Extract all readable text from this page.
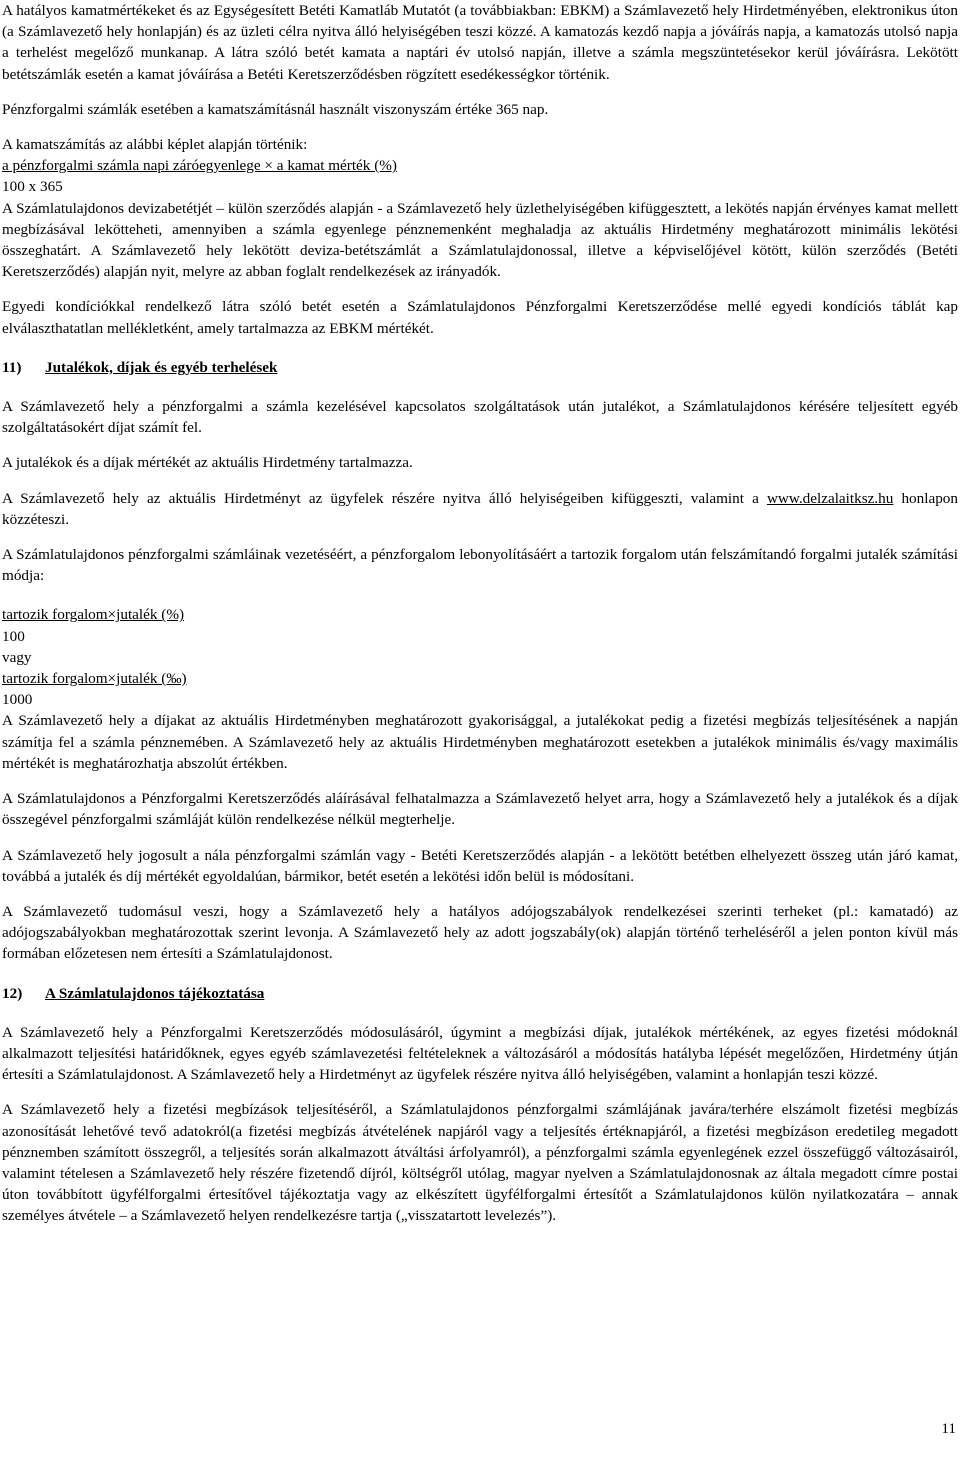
A hatályos kamatmértékeket és az Egységesített Betéti Kamatláb Mutatót (a továbbiakban: EBKM) a Számlavezető hely Hirdetményében, elektronikus úton (a Számlavezető hely honlapján) és az üzleti célra nyitva álló helyiségében teszi közzé. A kamatozás kezdő napja a jóváírás napja, a kamatozás utolsó napja a terhelést megelőző munkanap. A látra szóló betét kamata a naptári év utolsó napján, illetve a számla megszüntetésekor kerül jóváírásra. Lekötött betétszámlák esetén a kamat jóváírása a Betéti Keretszerződésben rögzített esedékességkor történik.

Pénzforgalmi számlák esetében a kamatszámításnál használt viszonyszám értéke 365 nap.

A kamatszámítás az alábbi képlet alapján történik:

a pénzforgalmi számla napi záróegyenlege × a kamat mérték (%)

100 x 365

A Számlatulajdonos devizabetétjét – külön szerződés alapján - a Számlavezető hely üzlethelyiségében kifüggesztett, a lekötés napján érvényes kamat mellett megbízásával lekötteheti, amennyiben a számla egyenlege pénznemenként meghaladja az aktuális Hirdetmény meghatározott minimális lekötési összeghatárt. A Számlavezető hely lekötött deviza-betétszámlát a Számlatulajdonossal, illetve a képviselőjével kötött, külön szerződés (Betéti Keretszerződés) alapján nyit, melyre az abban foglalt rendelkezések az irányadók.

Egyedi kondíciókkal rendelkező látra szóló betét esetén a Számlatulajdonos Pénzforgalmi Keretszerződése mellé egyedi kondíciós táblát kap elválaszthatatlan mellékletként, amely tartalmazza az EBKM mértékét.

11)	Jutalékok, díjak és egyéb terhelések

A Számlavezető hely a pénzforgalmi a számla kezelésével kapcsolatos szolgáltatások után jutalékot, a Számlatulajdonos kérésére teljesített egyéb szolgáltatásokért díjat számít fel.

A jutalékok és a díjak mértékét az aktuális Hirdetmény tartalmazza.

A Számlavezető hely az aktuális Hirdetményt az ügyfelek részére nyitva álló helyiségeiben kifüggeszti, valamint a www.delzalaitksz.hu honlapon közzéteszi.

A Számlatulajdonos pénzforgalmi számláinak vezetéséért, a pénzforgalom lebonyolításáért a tartozik forgalom után felszámítandó forgalmi jutalék számítási módja:

tartozik forgalom×jutalék (%)

100

vagy

tartozik forgalom×jutalék (‰)

1000

A Számlavezető hely a díjakat az aktuális Hirdetményben meghatározott gyakorisággal, a jutalékokat pedig a fizetési megbízás teljesítésének a napján számítja fel a számla pénznemében. A Számlavezető hely az aktuális Hirdetményben meghatározott esetekben a jutalékok minimális és/vagy maximális mértékét is meghatározhatja abszolút értékben.

A Számlatulajdonos a Pénzforgalmi Keretszerződés aláírásával felhatalmazza a Számlavezető helyet arra, hogy a Számlavezető hely a jutalékok és a díjak összegével pénzforgalmi számláját külön rendelkezése nélkül megterhelje.

A Számlavezető hely jogosult a nála pénzforgalmi számlán vagy - Betéti Keretszerződés alapján - a lekötött betétben elhelyezett összeg után járó kamat, továbbá a jutalék és díj mértékét egyoldalúan, bármikor, betét esetén a lekötési időn belül is módosítani.

A Számlavezető tudomásul veszi, hogy a Számlavezető hely a hatályos adójogszabályok rendelkezései szerinti terheket (pl.: kamatadó) az adójogszabályokban meghatározottak szerint levonja. A Számlavezető hely az adott jogszabály(ok) alapján történő terheléséről a jelen ponton kívül más formában előzetesen nem értesíti a Számlatulajdonost.

12)	A Számlatulajdonos tájékoztatása

A Számlavezető hely a Pénzforgalmi Keretszerződés módosulásáról, úgymint a megbízási díjak, jutalékok mértékének, az egyes fizetési módoknál alkalmazott teljesítési határidőknek, egyes egyéb számlavezetési feltételeknek a változásáról a módosítás hatályba lépését megelőzően, Hirdetmény útján értesíti a Számlatulajdonost. A Számlavezető hely a Hirdetményt az ügyfelek részére nyitva álló helyiségében, valamint a honlapján teszi közzé.

A Számlavezető hely a fizetési megbízások teljesítéséről, a Számlatulajdonos pénzforgalmi számlájának javára/terhére elszámolt fizetési megbízás azonosítását lehetővé tevő adatokról(a fizetési megbízás átvételének napjáról vagy a teljesítés értéknapjáról, a fizetési megbízáson eredetileg megadott pénznemben számított összegről, a teljesítés során alkalmazott átváltási árfolyamról), a pénzforgalmi számla egyenlegének ezzel összefüggő változásairól, valamint tételesen a Számlavezető hely részére fizetendő díjról, költségről utólag, magyar nyelven a Számlatulajdonosnak az általa megadott címre postai úton továbbított ügyfélforgalmi értesítővel tájékoztatja vagy az elkészített ügyfélforgalmi értesítőt a Számlatulajdonos külön nyilatkozatára – annak személyes átvétele – a Számlavezető helyen rendelkezésre tartja („visszatartott levelezés”).

11
